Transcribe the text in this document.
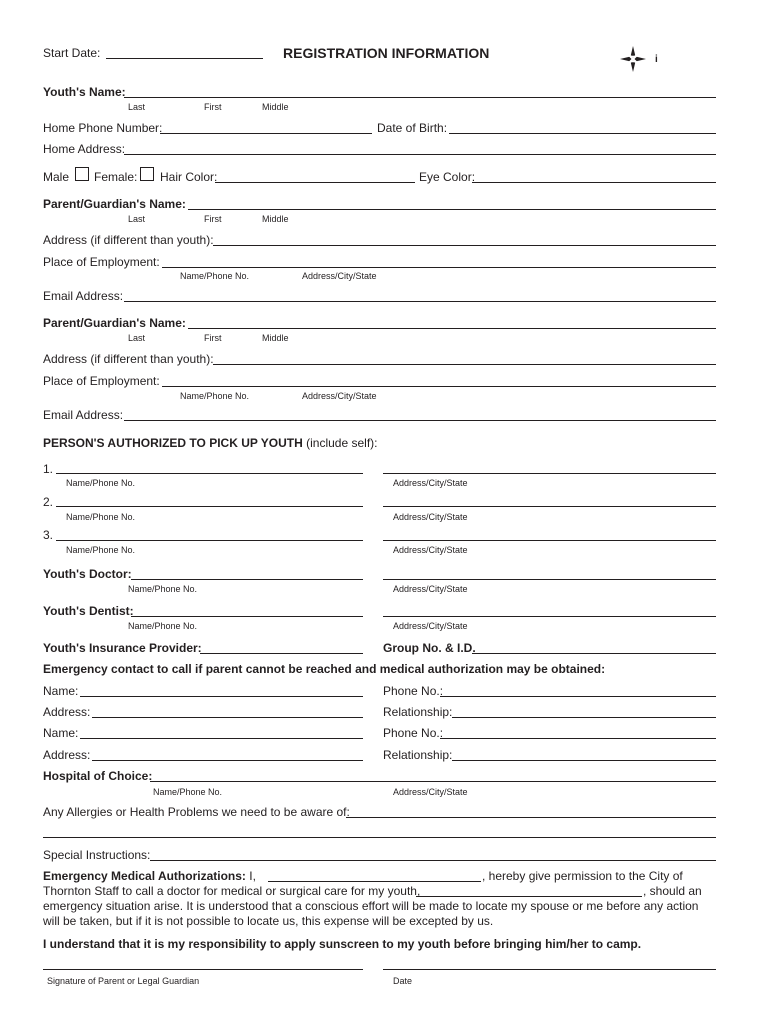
Start Date:	REGISTRATION INFORMATION	i
Youth's Name:
Last	First	Middle
Home Phone Number:	Date of Birth:
Home Address:
Male Female: Hair Color:	Eye Color:
Parent/Guardian's Name:
Last	First	Middle
Address (if different than youth):
Place of Employment:
Name/Phone No.	Address/City/State
Email Address:
Parent/Guardian's Name:
Last	First	Middle
Address (if different than youth):
Place of Employment:
Name/Phone No.	Address/City/State
Email Address:
PERSON'S AUTHORIZED TO PICK UP YOUTH (include self):
1.
Name/Phone No.	Address/City/State
2.
Name/Phone No.	Address/City/State
3.
Name/Phone No.	Address/City/State
Youth's Doctor:
Name/Phone No.	Address/City/State
Youth's Dentist:
Name/Phone No.	Address/City/State
Youth's Insurance Provider:	Group No. & I.D.
Emergency contact to call if parent cannot be reached and medical authorization may be obtained:
Name:	Phone No.:
Address:	Relationship:
Name:	Phone No.:
Address:	Relationship:
Hospital of Choice:
Name/Phone No.	Address/City/State
Any Allergies or Health Problems we need to be aware of:
Special Instructions:
Emergency Medical Authorizations: I,	, hereby give permission to the City of
Thornton Staff to call a doctor for medical or surgical care for my youth,	, should an
emergency situation arise. It is understood that a conscious effort will be made to locate my spouse or me before any action will be taken, but if it is not possible to locate us, this expense will be excepted by us.
I understand that it is my responsibility to apply sunscreen to my youth before bringing him/her to camp.
Signature of Parent or Legal Guardian	Date
